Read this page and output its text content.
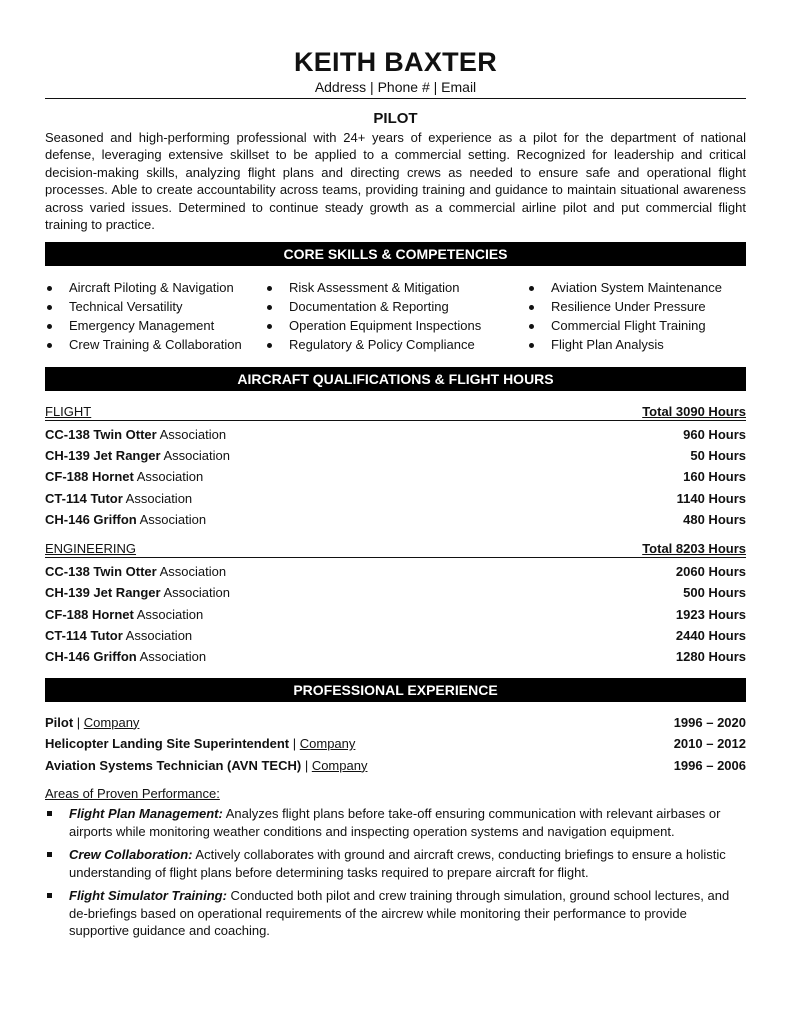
KEITH BAXTER
Address | Phone # | Email
PILOT
Seasoned and high-performing professional with 24+ years of experience as a pilot for the department of national defense, leveraging extensive skillset to be applied to a commercial setting. Recognized for leadership and critical decision-making skills, analyzing flight plans and directing crews as needed to ensure safe and operational flight processes. Able to create accountability across teams, providing training and guidance to maintain situational awareness across varied issues. Determined to continue steady growth as a commercial airline pilot and put commercial flight training to practice.
CORE SKILLS & COMPETENCIES
Aircraft Piloting & Navigation
Technical Versatility
Emergency Management
Crew Training & Collaboration
Risk Assessment & Mitigation
Documentation & Reporting
Operation Equipment Inspections
Regulatory & Policy Compliance
Aviation System Maintenance
Resilience Under Pressure
Commercial Flight Training
Flight Plan Analysis
AIRCRAFT QUALIFICATIONS & FLIGHT HOURS
FLIGHT	Total 3090 Hours
CC-138 Twin Otter Association	960 Hours
CH-139 Jet Ranger Association	50 Hours
CF-188 Hornet Association	160 Hours
CT-114 Tutor Association	1140 Hours
CH-146 Griffon Association	480 Hours
ENGINEERING	Total 8203 Hours
CC-138 Twin Otter Association	2060 Hours
CH-139 Jet Ranger Association	500 Hours
CF-188 Hornet Association	1923 Hours
CT-114 Tutor Association	2440 Hours
CH-146 Griffon Association	1280 Hours
PROFESSIONAL EXPERIENCE
Pilot | Company	1996 – 2020
Helicopter Landing Site Superintendent | Company	2010 – 2012
Aviation Systems Technician (AVN TECH) | Company	1996 – 2006
Areas of Proven Performance:
Flight Plan Management: Analyzes flight plans before take-off ensuring communication with relevant airbases or airports while monitoring weather conditions and inspecting operation systems and navigation equipment.
Crew Collaboration: Actively collaborates with ground and aircraft crews, conducting briefings to ensure a holistic understanding of flight plans before determining tasks required to prepare aircraft for flight.
Flight Simulator Training: Conducted both pilot and crew training through simulation, ground school lectures, and de-briefings based on operational requirements of the aircrew while monitoring their performance to provide supportive guidance and coaching.
